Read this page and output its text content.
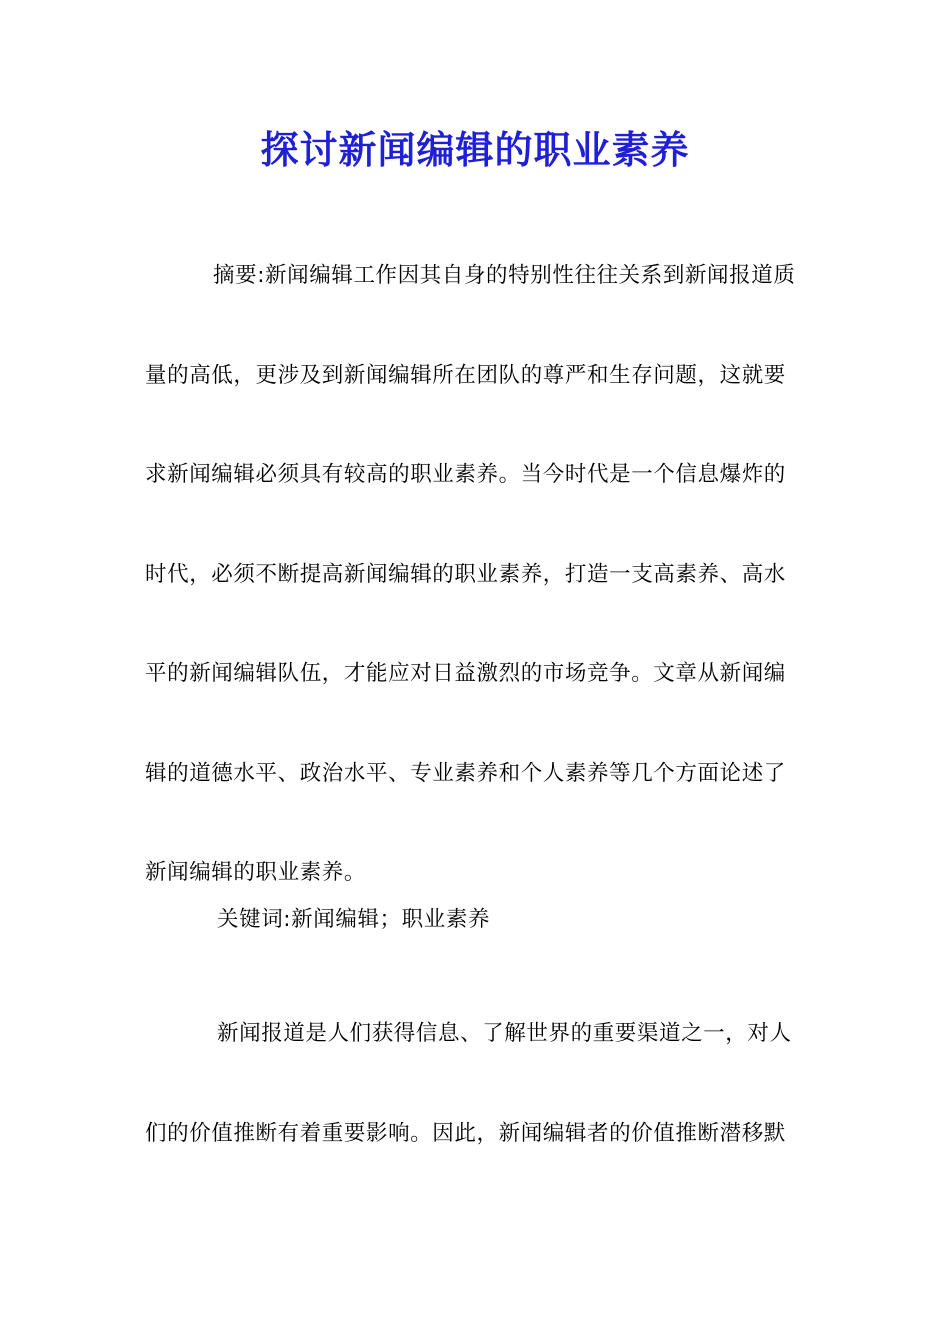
探讨新闻编辑的职业素养
摘要:新闻编辑工作因其自身的特别性往往关系到新闻报道质
量的高低，更涉及到新闻编辑所在团队的尊严和生存问题，这就要
求新闻编辑必须具有较高的职业素养。当今时代是一个信息爆炸的
时代，必须不断提高新闻编辑的职业素养，打造一支高素养、高水
平的新闻编辑队伍，才能应对日益激烈的市场竞争。文章从新闻编
辑的道德水平、政治水平、专业素养和个人素养等几个方面论述了
新闻编辑的职业素养。
关键词:新闻编辑；职业素养
新闻报道是人们获得信息、了解世界的重要渠道之一，对人
们的价值推断有着重要影响。因此，新闻编辑者的价值推断潜移默
